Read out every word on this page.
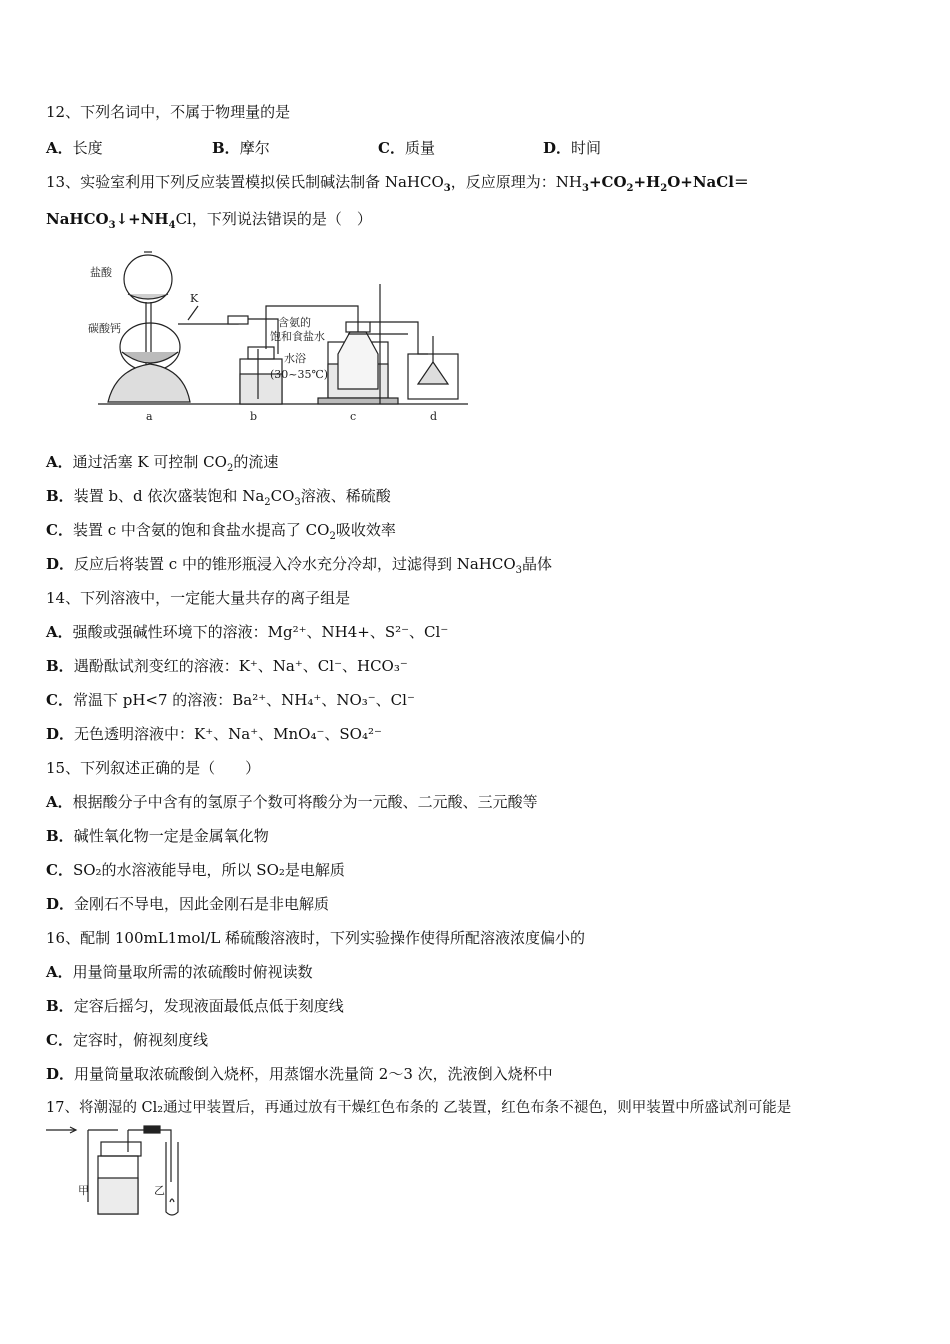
12、下列名词中，不属于物理量的是
A．长度	B．摩尔	C．质量	D．时间
13、实验室利用下列反应装置模拟侯氏制碱法制备 NaHCO$_3$，反应原理为：$NH_3+CO_2+H_2O+NaCl=$
$NaHCO_3↓+NH_4Cl$，下列说法错误的是（　）
盐酸
碳酸钙
K
含氨的
饱和食盐水
水浴
(30~35℃)
a	b	c	d
A．通过活塞 K 可控制 $CO_2$的流速
B．装置 b、d 依次盛装饱和 $Na_2CO_3$溶液、稀硫酸
C．装置 c 中含氨的饱和食盐水提高了 $CO_2$吸收效率
D．反应后将装置 c 中的锥形瓶浸入冷水充分冷却，过滤得到 NaHCO$_3$晶体
14、下列溶液中，一定能大量共存的离子组是
A．强酸或强碱性环境下的溶液：Mg²⁺、NH4+、S²⁻、Cl⁻
B．遇酚酞试剂变红的溶液：K⁺、Na⁺、Cl⁻、HCO₃⁻
C．常温下 pH<7 的溶液：Ba²⁺、NH₄⁺、NO₃⁻、Cl⁻
D．无色透明溶液中：K⁺、Na⁺、MnO₄⁻、SO₄²⁻
15、下列叙述正确的是（　　）
A．根据酸分子中含有的氢原子个数可将酸分为一元酸、二元酸、三元酸等
B．碱性氧化物一定是金属氧化物
C．SO₂的水溶液能导电，所以 SO₂是电解质
D．金刚石不导电，因此金刚石是非电解质
16、配制 100mL1mol/L 稀硫酸溶液时，下列实验操作使得所配溶液浓度偏小的
A．用量筒量取所需的浓硫酸时俯视读数
B．定容后摇匀，发现液面最低点低于刻度线
C．定容时，俯视刻度线
D．用量筒量取浓硫酸倒入烧杯，用蒸馏水洗量筒 2～3 次，洗液倒入烧杯中
17、将潮湿的 Cl₂通过甲装置后，再通过放有干燥红色布条的 乙装置，红色布条不褪色，则甲装置中所盛试剂可能是
甲	乙
